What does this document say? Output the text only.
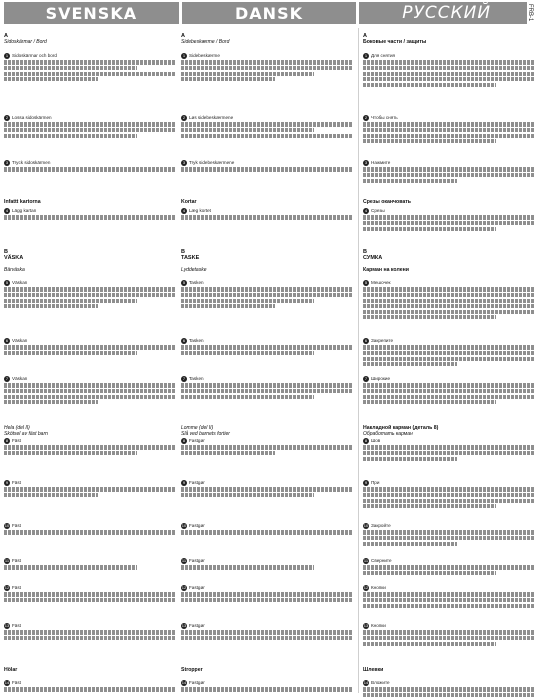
SVENSKA	DANSK	РУССКИЙ	FRB-1
A
Sidoskärmar / Bord
1 Sidoskärmar och bord
2 Lossa sidoskärmen
3 Tryck sidoskärmen
Infattt kartorna
4 Lägg kartan
B
VÄSKA
Bärväska
5 Väskan
6 Väskan
7 Väskan
Hela (del II)
Skötsel av fäst barn
8 Fäst
9 Fäst
10 Fäst
11 Fäst
12 Fäst
13 Fäst
Hölar
14 Fäst
A
Sidebeskærme / Bord
1 Sidebeskærme
2 Løs sidebeskærmene
3 Tryk sidebeskærmene
Kortar
4 Læg kortet
B
TASKE
Lyddetaske
5 Tasken
6 Tasken
7 Tasken
Lomme (del II)
Slå ved barnets fortier
8 Fastgør
9 Fastgør
10 Fastgør
11 Fastgør
12 Fastgør
13 Fastgør
Stropper
14 Fastgør
A
Боковые части / защиты
1 Для снятия
2 Чтобы снять
3 Нажмите
Срезы оканчовать
4 Срезы
B
СУМКА
Карман на колени
5 Мешочек
6 Закрепите
7 Широкие
Накладной карман (деталь 8)
Обработать карман
8 Шов
9 При
10 Закройте
11 Сверните
12 Кнопки
13 Кнопки
Шлевки
14 Вложите
